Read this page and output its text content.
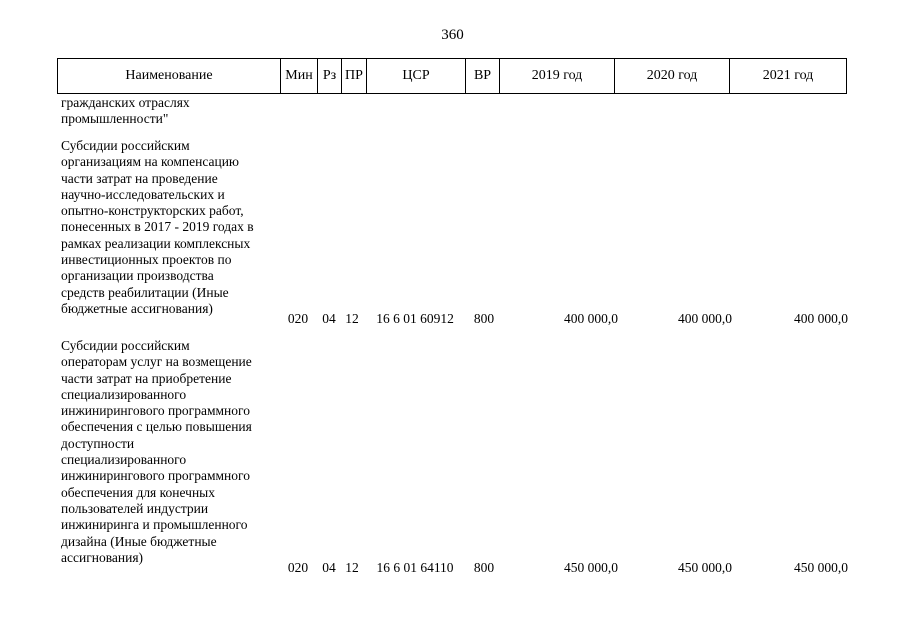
360
Наименование	Мин	Рз	ПР	ЦСР	ВР	2019 год	2020 год	2021 год
гражданских отраслях
промышленности"
Субсидии российским
организациям на компенсацию
части затрат на проведение
научно-исследовательских и
опытно-конструкторских работ,
понесенных в 2017 - 2019 годах в
рамках реализации комплексных
инвестиционных проектов по
организации производства
средств реабилитации (Иные
бюджетные ассигнования)
020	04 12	16 6 01 60912	800	400 000,0	400 000,0	400 000,0
Субсидии российским
операторам услуг на возмещение
части затрат на приобретение
специализированного
инжинирингового программного
обеспечения с целью повышения
доступности
специализированного
инжинирингового программного
обеспечения для конечных
пользователей индустрии
инжиниринга и промышленного
дизайна (Иные бюджетные
ассигнования)
020	04 12	16 6 01 64110	800	450 000,0	450 000,0	450 000,0
